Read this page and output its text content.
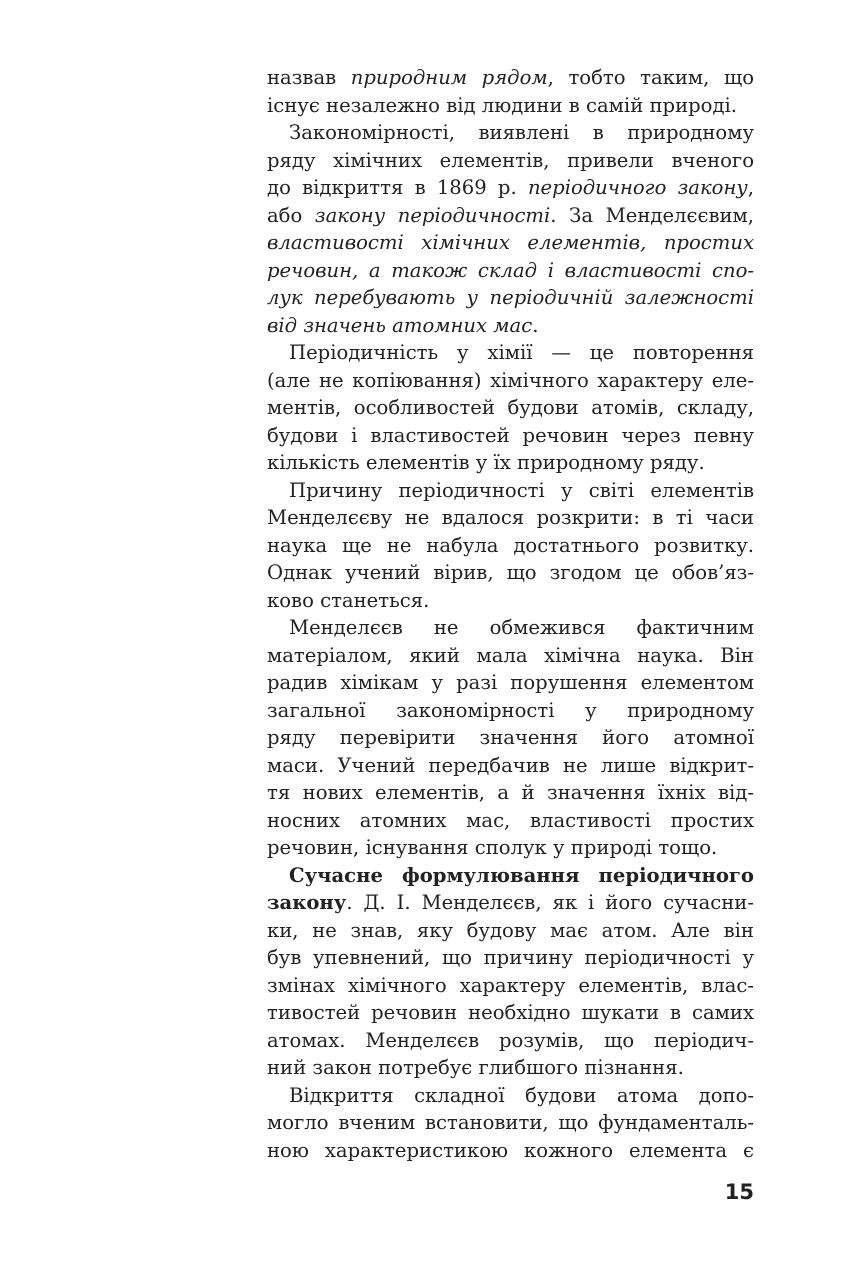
назвав природним рядом, тобто таким, що
існує незалежно від людини в самій природі.
Закономірності, виявлені в природному
ряду хімічних елементів, привели вченого
до відкриття в 1869 р. періодичного закону,
або закону періодичності. За Менделєєвим,
властивості хімічних елементів, простих
речовин, а також склад і властивості спо-
лук перебувають у періодичній залежності
від значень атомних мас.
Періодичність у хімії — це повторення
(але не копіювання) хімічного характеру еле-
ментів, особливостей будови атомів, складу,
будови і властивостей речовин через певну
кількість елементів у їх природному ряду.
Причину періодичності у світі елементів
Менделєєву не вдалося розкрити: в ті часи
наука ще не набула достатнього розвитку.
Однак учений вірив, що згодом це обов’яз-
ково станеться.
Менделєєв не обмежився фактичним
матеріалом, який мала хімічна наука. Він
радив хімікам у разі порушення елементом
загальної закономірності у природному
ряду перевірити значення його атомної
маси. Учений передбачив не лише відкрит-
тя нових елементів, а й значення їхніх від-
носних атомних мас, властивості простих
речовин, існування сполук у природі тощо.
Сучасне формулювання періодичного
закону. Д. І. Менделєєв, як і його сучасни-
ки, не знав, яку будову має атом. Але він
був упевнений, що причину періодичності у
змінах хімічного характеру елементів, влас-
тивостей речовин необхідно шукати в самих
атомах. Менделєєв розумів, що періодич-
ний закон потребує глибшого пізнання.
Відкриття складної будови атома допо-
могло вченим встановити, що фундаменталь-
ною характеристикою кожного елемента є
15
